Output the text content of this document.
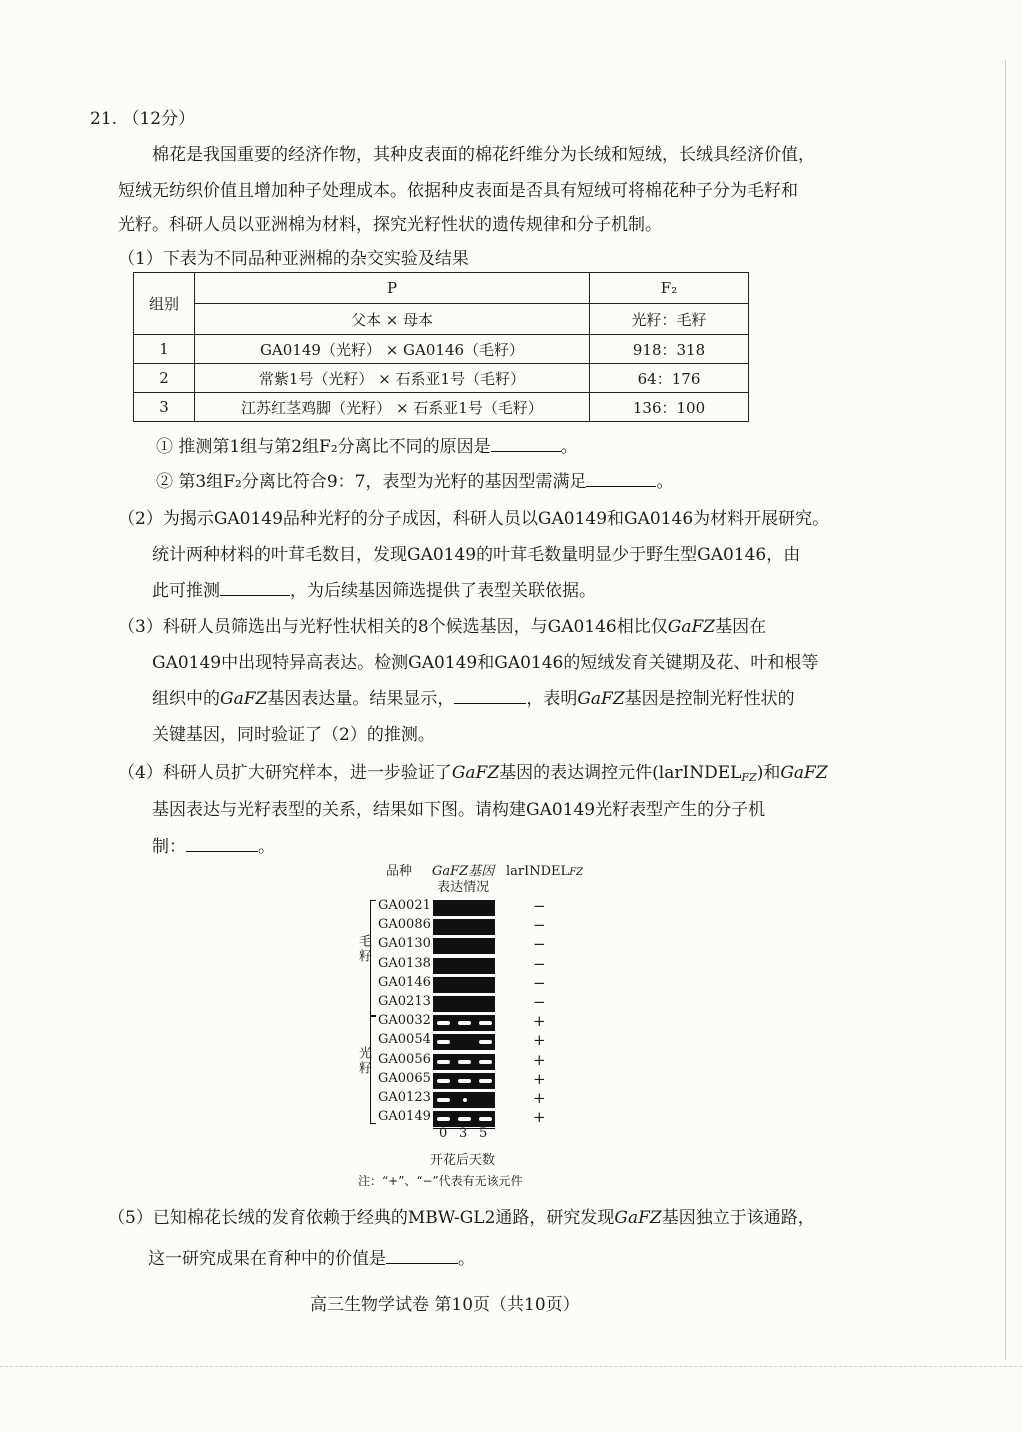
21. （12分）
棉花是我国重要的经济作物，其种皮表面的棉花纤维分为长绒和短绒，长绒具经济价值，
短绒无纺织价值且增加种子处理成本。依据种皮表面是否具有短绒可将棉花种子分为毛籽和
光籽。科研人员以亚洲棉为材料，探究光籽性状的遗传规律和分子机制。
（1）下表为不同品种亚洲棉的杂交实验及结果
组别	P	F₂
	父本 × 母本	光籽：毛籽
1	GA0149（光籽） × GA0146（毛籽）	918：318
2	常紫1号（光籽） × 石系亚1号（毛籽）	64：176
3	江苏红茎鸡脚（光籽） × 石系亚1号（毛籽）	136：100
① 推测第1组与第2组F₂分离比不同的原因是	。
② 第3组F₂分离比符合9：7，表型为光籽的基因型需满足	。
（2）为揭示GA0149品种光籽的分子成因，科研人员以GA0149和GA0146为材料开展研究。
统计两种材料的叶茸毛数目，发现GA0149的叶茸毛数量明显少于野生型GA0146，由
此可推测	，为后续基因筛选提供了表型关联依据。
（3）科研人员筛选出与光籽性状相关的8个候选基因，与GA0146相比仅GaFZ基因在
GA0149中出现特异高表达。检测GA0149和GA0146的短绒发育关键期及花、叶和根等
组织中的GaFZ基因表达量。结果显示，	，表明GaFZ基因是控制光籽性状的
关键基因，同时验证了（2）的推测。
（4）科研人员扩大研究样本，进一步验证了GaFZ基因的表达调控元件(larINDELFZ)和GaFZ
基因表达与光籽表型的关系，结果如下图。请构建GA0149光籽表型产生的分子机
制：	。
品种 GaFZ基因
表达情况
larINDELFZ
毛籽
光籽
GA0021	−
GA0086	−
GA0130	−
GA0138	−
GA0146	−
GA0213	−
GA0032	+
GA0054	+
GA0056	+
GA0065	+
GA0123	+
GA0149	+
0 3 5
开花后天数
注：“+”、“−”代表有无该元件
（5）已知棉花长绒的发育依赖于经典的MBW-GL2通路，研究发现GaFZ基因独立于该通路，
这一研究成果在育种中的价值是	。
高三生物学试卷 第10页（共10页）
